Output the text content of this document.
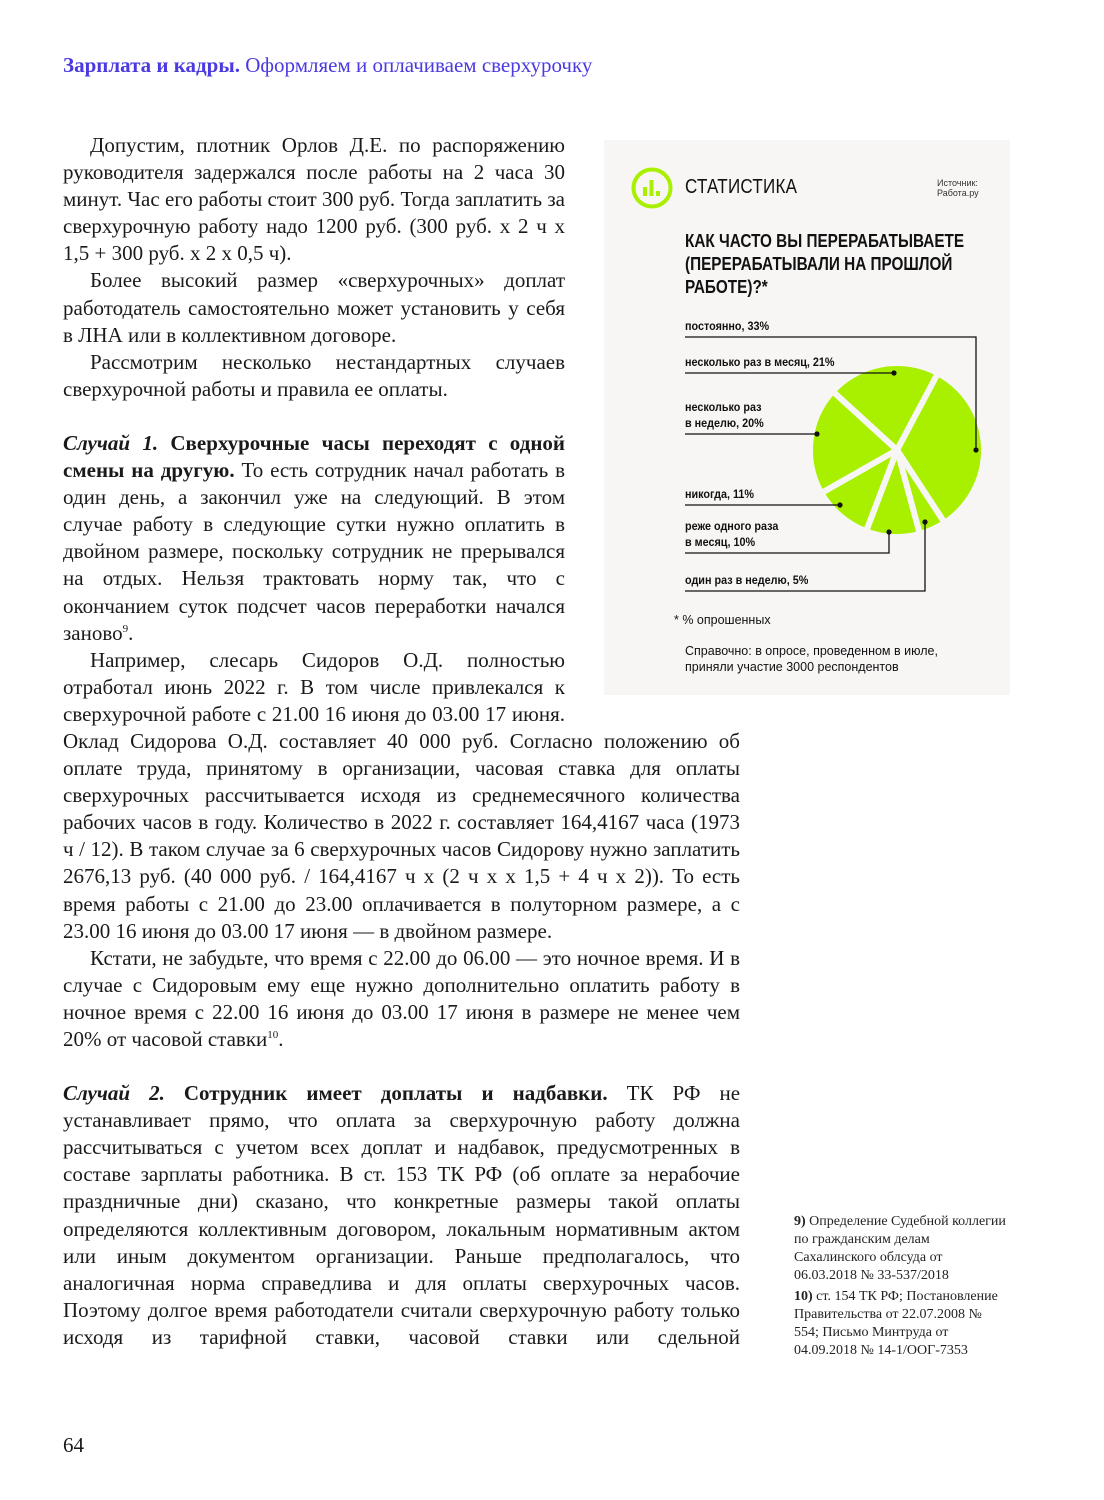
Зарплата и кадры. Оформляем и оплачиваем сверхурочку

Допустим, плотник Орлов Д.Е. по распоряжению руководителя задержался после работы на 2 часа 30 минут. Час его работы стоит 300 руб. Тогда заплатить за сверхурочную работу надо 1200 руб. (300 руб. х 2 ч х 1,5 + 300 руб. х 2 х 0,5 ч).

Более высокий размер «сверхурочных» доплат работодатель самостоятельно может установить у себя в ЛНА или в коллективном договоре.

Рассмотрим несколько нестандартных случаев сверхурочной работы и правила ее оплаты.

Случай 1. Сверхурочные часы переходят с одной смены на другую. То есть сотрудник начал работать в один день, а закончил уже на следующий. В этом случае работу в следующие сутки нужно оплатить в двойном размере, поскольку сотрудник не прерывался на отдых. Нельзя трактовать норму так, что с окончанием суток подсчет часов переработки начался заново$^9$.

Например, слесарь Сидоров О.Д. полностью отработал июнь 2022 г. В том числе привлекался к сверхурочной работе с 21.00 16 июня до 03.00 17 июня. Оклад Сидорова О.Д. составляет 40 000 руб. Согласно положению об оплате труда, принятому в организации, часовая ставка для оплаты сверхурочных рассчитывается исходя из среднемесячного количества рабочих часов в году. Количество в 2022 г. составляет 164,4167 часа (1973 ч / 12). В таком случае за 6 сверхурочных часов Сидорову нужно заплатить 2676,13 руб. (40 000 руб. / 164,4167 ч х (2 ч х х 1,5 + 4 ч х 2)). То есть время работы с 21.00 до 23.00 оплачивается в полуторном размере, а с 23.00 16 июня до 03.00 17 июня — в двойном размере.

Кстати, не забудьте, что время с 22.00 до 06.00 — это ночное время. И в случае с Сидоровым ему еще нужно дополнительно оплатить работу в ночное время с 22.00 16 июня до 03.00 17 июня в размере не менее чем 20% от часовой ставки$^{10}$.

Случай 2. Сотрудник имеет доплаты и надбавки. ТК РФ не устанавливает прямо, что оплата за сверхурочную работу должна рассчитываться с учетом всех доплат и надбавок, предусмотренных в составе зарплаты работника. В ст. 153 ТК РФ (об оплате за нерабочие праздничные дни) сказано, что конкретные размеры такой оплаты определяются коллективным договором, локальным нормативным актом или иным документом организации. Раньше предполагалось, что аналогичная норма справедлива и для оплаты сверхурочных часов. Поэтому долгое время работодатели считали сверхурочную работу только исходя из тарифной ставки, часовой ставки или сдельной

СТАТИСТИКА	Источник:
Работа.ру
КАК ЧАСТО ВЫ ПЕРЕРАБАТЫВАЕТЕ (ПЕРЕРАБАТЫВАЛИ НА ПРОШЛОЙ РАБОТЕ)?*
постоянно, 33%
один раз в неделю, 5%
реже одного раза
в месяц, 10%
никогда, 11%
несколько раз
в неделю, 20%
несколько раз в месяц, 21%
* % опрошенных
Справочно: в опросе, проведенном в июле, приняли участие 3000 респондентов
9) Определение Судебной коллегии по гражданским делам Сахалинского облсуда от 06.03.2018 № 33-537/2018
10) ст. 154 ТК РФ; Постановление Правительства от 22.07.2008 № 554; Письмо Минтруда от 04.09.2018 № 14-1/ООГ-7353
64
